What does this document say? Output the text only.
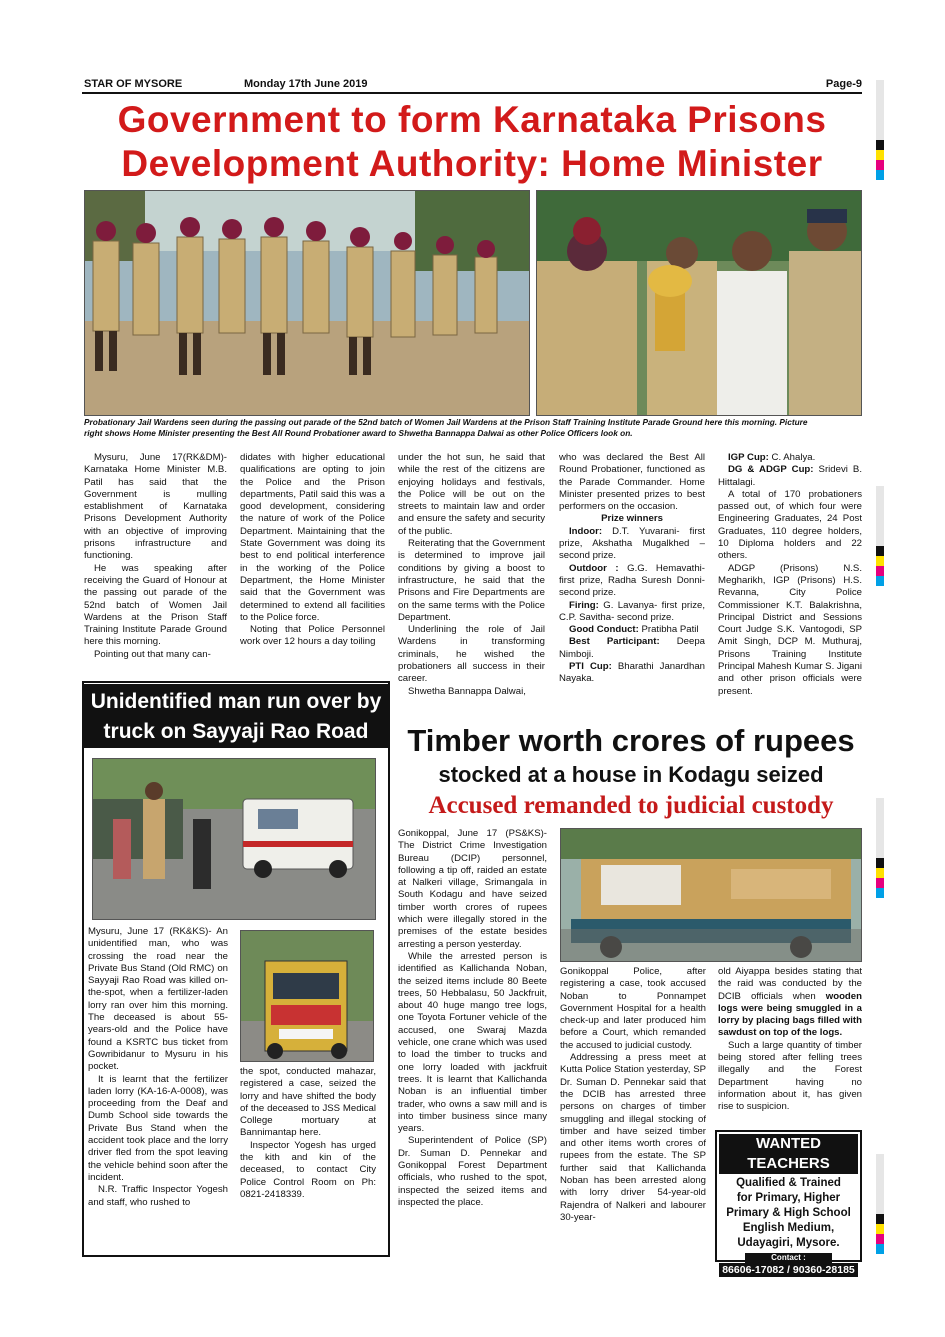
STAR OF MYSORE	Monday 17th June 2019	Page-9
Government to form Karnataka Prisons
Development Authority: Home Minister
Probationary Jail Wardens seen during the passing out parade of the 52nd batch of Women Jail Wardens at the Prison Staff Training Institute Parade Ground here this morning. Picture
right shows Home Minister presenting the Best All Round Probationer award to Shwetha Bannappa Dalwai as other Police Officers look on.

Mysuru, June 17(RK&DM)- Karnataka Home Minister M.B. Patil has said that the Government is mulling establishment of Karnataka Prisons Development Authority with an objective of improving prisons infrastructure and functioning.

He was speaking after receiving the Guard of Honour at the passing out parade of the 52nd batch of Women Jail Wardens at the Prison Staff Training Institute Parade Ground here this morning.

Pointing out that many can-

didates with higher educational qualifications are opting to join the Police and the Prison departments, Patil said this was a good development, considering the nature of work of the Police Department. Maintaining that the State Government was doing its best to end political interference in the working of the Police Department, the Home Minister said that the Government was determined to extend all facilities to the Police force.

Noting that Police Personnel work over 12 hours a day toiling

under the hot sun, he said that while the rest of the citizens are enjoying holidays and festivals, the Police will be out on the streets to maintain law and order and ensure the safety and security of the public.

Reiterating that the Government is determined to improve jail conditions by giving a boost to infrastructure, he said that the Prisons and Fire Departments are on the same terms with the Police Department.

Underlining the role of Jail Wardens in transforming criminals, he wished the probationers all success in their career.

Shwetha Bannappa Dalwai,

who was declared the Best All Round Probationer, functioned as the Parade Commander. Home Minister presented prizes to best performers on the occasion.

Prize winners

Indoor: D.T. Yuvarani- first prize, Akshatha Mugalkhed – second prize.

Outdoor : G.G. Hemavathi- first prize, Radha Suresh Donni- second prize.

Firing: G. Lavanya- first prize, C.P. Savitha- second prize.

Good Conduct: Pratibha Patil

Best Participant: Deepa Nimboji.

PTI Cup: Bharathi Janardhan Nayaka.

IGP Cup: C. Ahalya.

DG & ADGP Cup: Sridevi B. Hittalagi.

A total of 170 probationers passed out, of which four were Engineering Graduates, 24 Post Graduates, 110 degree holders, 10 Diploma holders and 22 others.

ADGP (Prisons) N.S. Megharikh, IGP (Prisons) H.S. Revanna, City Police Commissioner K.T. Balakrishna, Principal District and Sessions Court Judge S.K. Vantogodi, SP Amit Singh, DCP M. Muthuraj, Prisons Training Institute Principal Mahesh Kumar S. Jigani and other prison officials were present.

Unidentified man run over by
truck on Sayyaji Rao Road

Mysuru, June 17 (RK&KS)- An unidentified man, who was crossing the road near the Private Bus Stand (Old RMC) on Sayyaji Rao Road was killed on-the-spot, when a fertilizer-laden lorry ran over him this morning. The deceased is about 55-years-old and the Police have found a KSRTC bus ticket from Gowribidanur to Mysuru in his pocket.

It is learnt that the fertilizer laden lorry (KA-16-A-0008), was proceeding from the Deaf and Dumb School side towards the Private Bus Stand when the accident took place and the lorry driver fled from the spot leaving the vehicle behind soon after the incident.

N.R. Traffic Inspector Yogesh and staff, who rushed to

the spot, conducted mahazar, registered a case, seized the lorry and have shifted the body of the deceased to JSS Medical College mortuary at Bannimantap here.

Inspector Yogesh has urged the kith and kin of the deceased, to contact City Police Control Room on Ph: 0821-2418339.

Timber worth crores of rupees
stocked at a house in Kodagu seized
Accused remanded to judicial custody

Gonikoppal, June 17 (PS&KS)- The District Crime Investigation Bureau (DCIP) personnel, following a tip off, raided an estate at Nalkeri village, Srimangala in South Kodagu and have seized timber worth crores of rupees which were illegally stored in the premises of the estate besides arresting a person yesterday.

While the arrested person is identified as Kallichanda Noban, the seized items include 80 Beete trees, 50 Hebbalasu, 50 Jackfruit, about 40 huge mango tree logs, one Toyota Fortuner vehicle of the accused, one Swaraj Mazda vehicle, one crane which was used to load the timber to trucks and one lorry loaded with jackfruit trees. It is learnt that Kallichanda Noban is an influential timber trader, who owns a saw mill and is into timber business since many years.

Superintendent of Police (SP) Dr. Suman D. Pennekar and Gonikoppal Forest Department officials, who rushed to the spot, inspected the seized items and inspected the place.

Gonikoppal Police, after registering a case, took accused Noban to Ponnampet Government Hospital for a health check-up and later produced him before a Court, which remanded the accused to judicial custody.

Addressing a press meet at Kutta Police Station yesterday, SP Dr. Suman D. Pennekar said that the DCIB has arrested three persons on charges of timber smuggling and illegal stocking of timber and have seized timber and other items worth crores of rupees from the estate. The SP further said that Kallichanda Noban has been arrested along with lorry driver 54-year-old Rajendra of Nalkeri and labourer 30-year-

old Aiyappa besides stating that the raid was conducted by the DCIB officials when wooden logs were being smuggled in a lorry by placing bags filled with sawdust on top of the logs.

Such a large quantity of timber being stored after felling trees illegally and the Forest Department having no information about it, has given rise to suspicion.

WANTED TEACHERS
Qualified & Trained
for Primary, Higher
Primary & High School
English Medium,
Udayagiri, Mysore.
Contact :
86606-17082 / 90360-28185
